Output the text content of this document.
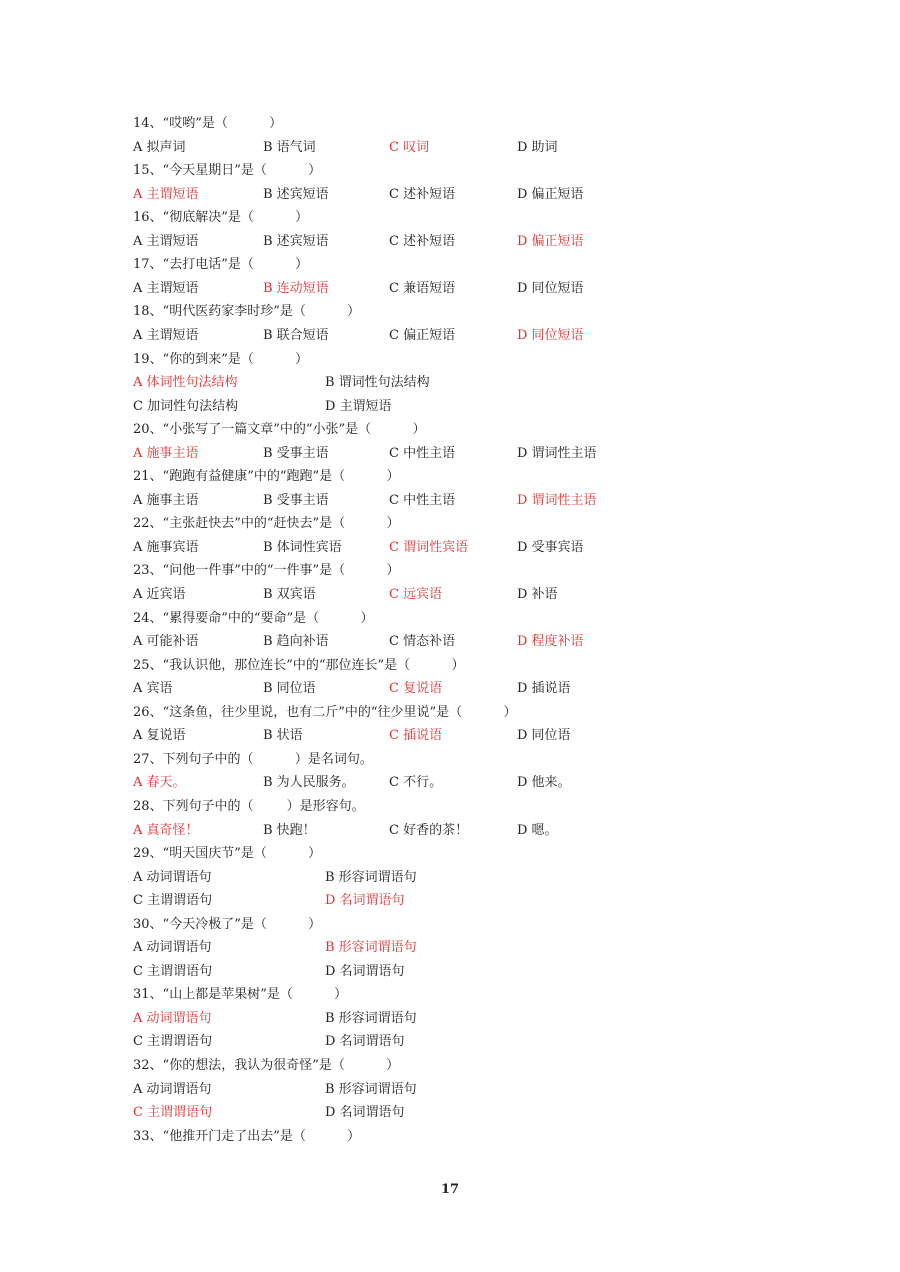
14、“哎哟”是（          ）
A 拟声词	B 语气词	C 叹词	D 助词
15、“今天星期日”是（          ）
A 主谓短语	B 述宾短语	C 述补短语	D 偏正短语
16、“彻底解决”是（          ）
A 主谓短语	B 述宾短语	C 述补短语	D 偏正短语
17、“去打电话”是（          ）
A 主谓短语	B 连动短语	C 兼语短语	D 同位短语
18、“明代医药家李时珍”是（          ）
A 主谓短语	B 联合短语	C 偏正短语	D 同位短语
19、“你的到来”是（          ）
A 体词性句法结构	B 谓词性句法结构
C 加词性句法结构	D 主谓短语
20、“小张写了一篇文章”中的“小张”是（          ）
A 施事主语	B 受事主语	C 中性主语	D 谓词性主语
21、“跑跑有益健康”中的“跑跑”是（          ）
A 施事主语	B 受事主语	C 中性主语	D 谓词性主语
22、“主张赶快去”中的“赶快去”是（          ）
A 施事宾语	B 体词性宾语	C 谓词性宾语	D 受事宾语
23、“问他一件事”中的“一件事”是（          ）
A 近宾语	B 双宾语	C 远宾语	D 补语
24、“累得要命”中的“要命”是（          ）
A 可能补语	B 趋向补语	C 情态补语	D 程度补语
25、“我认识他，那位连长”中的“那位连长”是（          ）
A 宾语	B 同位语	C 复说语	D 插说语
26、“这条鱼，往少里说，也有二斤”中的“往少里说”是（          ）
A 复说语	B 状语	C 插说语	D 同位语
27、下列句子中的（          ）是名词句。
A 春天。	B 为人民服务。	C 不行。	D 他来。
28、下列句子中的（        ）是形容句。
A 真奇怪！	B 快跑！	C 好香的茶！	D 嗯。
29、“明天国庆节”是（          ）
A 动词谓语句	B 形容词谓语句
C 主谓谓语句	D 名词谓语句
30、“今天冷极了”是（          ）
A 动词谓语句	B 形容词谓语句
C 主谓谓语句	D 名词谓语句
31、“山上都是苹果树”是（          ）
A 动词谓语句	B 形容词谓语句
C 主谓谓语句	D 名词谓语句
32、“你的想法，我认为很奇怪”是（          ）
A 动词谓语句	B 形容词谓语句
C 主谓谓语句	D 名词谓语句
33、“他推开门走了出去”是（          ）
17
